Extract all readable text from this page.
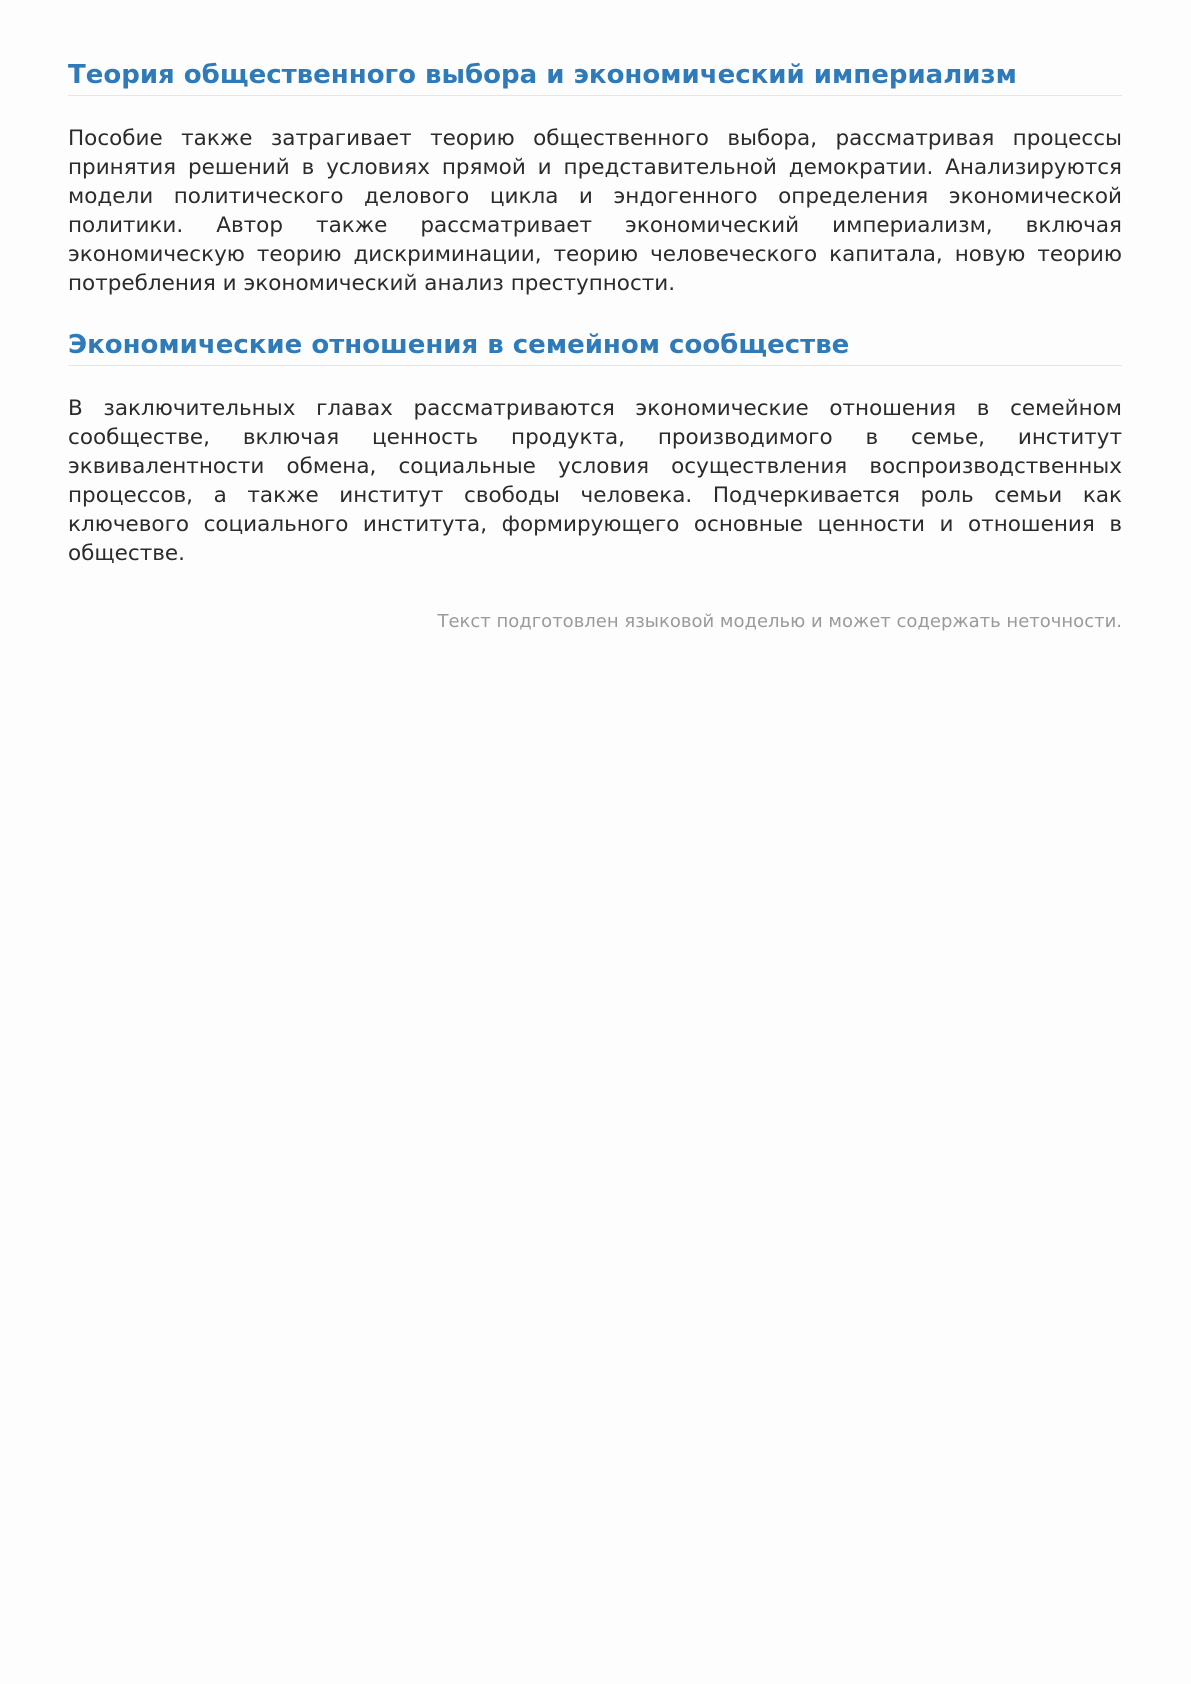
Теория общественного выбора и экономический империализм

Пособие также затрагивает теорию общественного выбора, рассматривая процессы принятия решений в условиях прямой и представительной демократии. Анализируются модели политического делового цикла и эндогенного определения экономической политики. Автор также рассматривает экономический империализм, включая экономическую теорию дискриминации, теорию человеческого капитала, новую теорию потребления и экономический анализ преступности.

Экономические отношения в семейном сообществе

В заключительных главах рассматриваются экономические отношения в семейном сообществе, включая ценность продукта, производимого в семье, институт эквивалентности обмена, социальные условия осуществления воспроизводственных процессов, а также институт свободы человека. Подчеркивается роль семьи как ключевого социального института, формирующего основные ценности и отношения в обществе.

Текст подготовлен языковой моделью и может содержать неточности.
